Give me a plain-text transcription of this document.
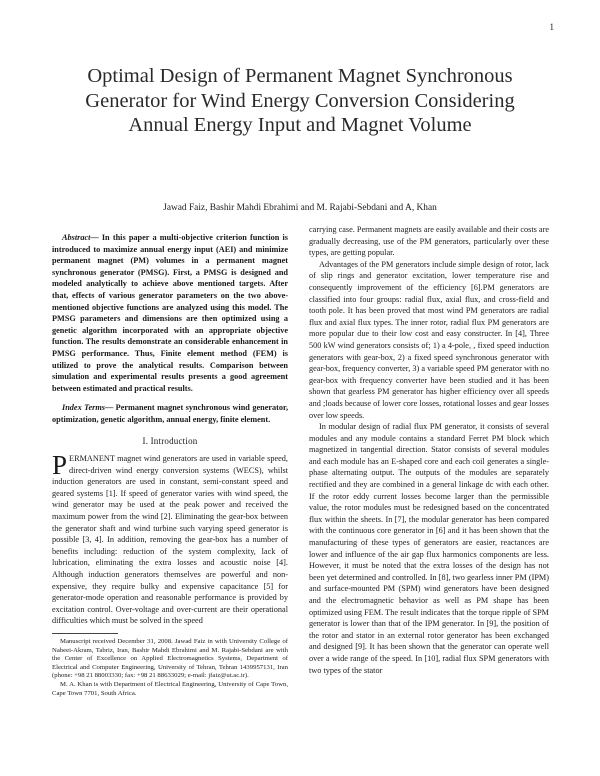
1
Optimal Design of Permanent Magnet Synchronous Generator for Wind Energy Conversion Considering Annual Energy Input and Magnet Volume
Jawad Faiz, Bashir Mahdi Ebrahimi and M. Rajabi-Sebdani and A, Khan

Abstract— In this paper a multi-objective criterion function is introduced to maximize annual energy input (AEI) and minimize permanent magnet (PM) volumes in a permanent magnet synchronous generator (PMSG). First, a PMSG is designed and modeled analytically to achieve above mentioned targets. After that, effects of various generator parameters on the two above-mentioned objective functions are analyzed using this model. The PMSG parameters and dimensions are then optimized using a genetic algorithm incorporated with an appropriate objective function. The results demonstrate an considerable enhancement in PMSG performance. Thus, Finite element method (FEM) is utilized to prove the analytical results. Comparison between simulation and experimental results presents a good agreement between estimated and practical results.

Index Terms— Permanent magnet synchronous wind generator, optimization, genetic algorithm, annual energy, finite element.

I. Introduction

PERMANENT magnet wind generators are used in variable speed, direct-driven wind energy conversion systems (WECS), whilst induction generators are used in constant, semi-constant speed and geared systems [1]. If speed of generator varies with wind speed, the wind generator may be used at the peak power and received the maximum power from the wind [2]. Eliminating the gear-box between the generator shaft and wind turbine such varying speed generator is possible [3, 4]. In addition, removing the gear-box has a number of benefits including: reduction of the system complexity, lack of lubrication, eliminating the extra losses and acoustic noise [4]. Although induction generators themselves are powerful and non-expensive, they require bulky and expensive capacitance [5] for generator-mode operation and reasonable performance is provided by excitation control. Over-voltage and over-current are their operational difficulties which must be solved in the speed

Manuscript received December 31, 2008. Jawad Faiz in with University College of Nabeei-Akram, Tabriz, Iran, Bashir Mahdi Ebrahimi and M. Rajabi-Sebdani are with the Center of Excellence on Applied Electromagnetics Systems, Department of Electrical and Computer Engineering, University of Tehran, Tehran 1439957131, Iran (phone: +98 21 88003330; fax: +98 21 88633029; e-mail: jfaiz@ut.ac.ir).

M. A. Khan is with Department of Electrical Engineering, University of Cape Town, Cape Town 7701, South Africa.

carrying case. Permanent magnets are easily available and their costs are gradually decreasing, use of the PM generators, particularly over these types, are getting popular.

Advantages of the PM generators include simple design of rotor, lack of slip rings and generator excitation, lower temperature rise and consequently improvement of the efficiency [6].PM generators are classified into four groups: radial flux, axial flux, and cross-field and tooth pole. It has been proved that most wind PM generators are radial flux and axial flux types. The inner rotor, radial flux PM generators are more popular due to their low cost and easy constructer. In [4], Three 500 kW wind generators consists of; 1) a 4-pole, , fixed speed induction generators with gear-box, 2) a fixed speed synchronous generator with gear-box, frequency converter, 3) a variable speed PM generator with no gear-box with frequency converter have been studied and it has been shown that gearless PM generator has higher efficiency over all speeds and ;loads because of lower core losses, rotational losses and gear losses over low speeds.

In modular design of radial flux PM generator, it consists of several modules and any module contains a standard Ferret PM block which magnetized in tangential direction. Stator consists of several modules and each module has an E-shaped core and each coil generates a single-phase alternating output. The outputs of the modules are separately rectified and they are combined in a general linkage dc with each other. If the rotor eddy current losses become larger than the permissible value, the rotor modules must be redesigned based on the concentrated flux within the sheets. In [7], the modular generator has been compared with the continuous core generator in [6] and it has been shown that the manufacturing of these types of generators are easier, reactances are lower and influence of the air gap flux harmonics components are less. However, it must be noted that the extra losses of the design has not been yet determined and controlled. In [8], two gearless inner PM (IPM) and surface-mounted PM (SPM) wind generators have been designed and the electromagnetic behavior as well as PM shape has been optimized using FEM. The result indicates that the torque ripple of SPM generator is lower than that of the IPM generator. In [9], the position of the rotor and stator in an external rotor generator has been exchanged and designed [9]. It has been shown that the generator can operate well over a wide range of the speed. In [10], radial flux SPM generators with two types of the stator
